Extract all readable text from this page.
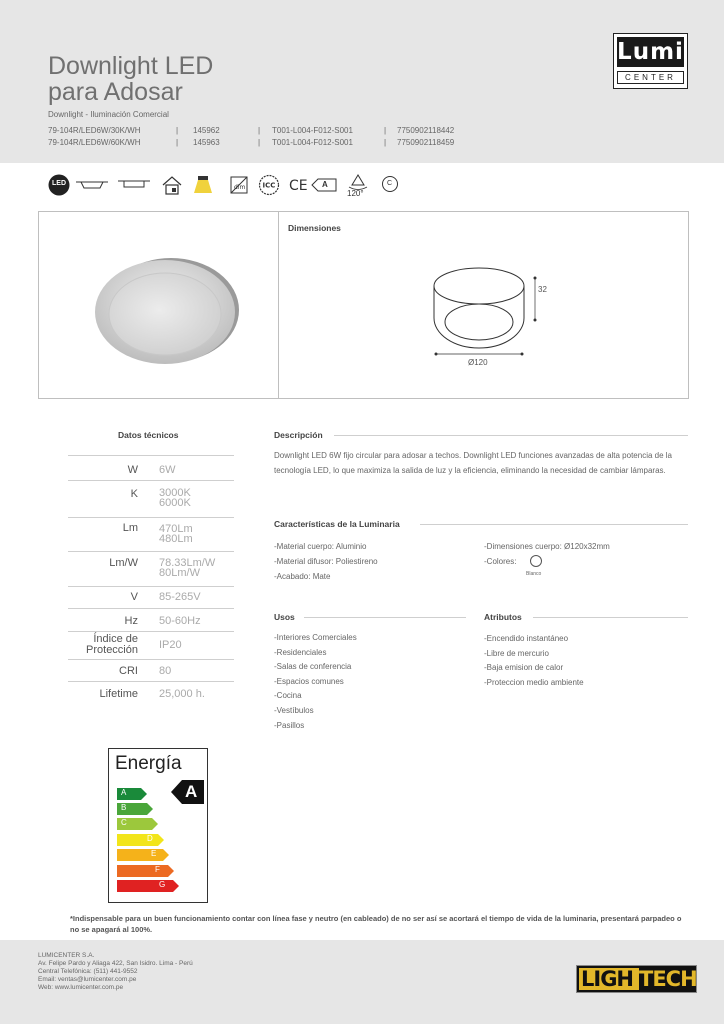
Downlight LED
para Adosar
Downlight - Iluminación Comercial
79-104R/LED6W/30K/WH	|	145962	|	T001-L004-F012-S001	|	7750902118442
79-104R/LED6W/60K/WH	|	145963	|	T001-L004-F012-S001	|	7750902118459
Lumi
CENTER
LED
dim ICC CE A
120°
C
Dimensiones
32
Ø120
Datos técnicos
W 6W
K 3000K
6000K
Lm 470Lm
480Lm
Lm/W 78.33Lm/W
80Lm/W
V 85-265V
Hz 50-60Hz
Índice de
Protección IP20
CRI 80
Lifetime 25,000 h.
Descripción
Downlight LED 6W fijo circular para adosar a techos. Downlight LED funciones avanzadas de alta potencia de la tecnología LED, lo que maximiza la salida de luz y la eficiencia, eliminando la necesidad de cambiar lámparas.
Características de la Luminaria
-Material cuerpo: Aluminio
-Material difusor: Poliestireno
-Acabado: Mate
-Dimensiones cuerpo: Ø120x32mm
-Colores:
Blanco
Usos
-Interiores Comerciales
-Residenciales
-Salas de conferencia
-Espacios comunes
-Cocina
-Vestíbulos
-Pasillos
Atributos
-Encendido instantáneo
-Libre de mercurio
-Baja emision de calor
-Proteccion medio ambiente
Energía
A
A
B
C
D
E
F
G
*Indispensable para un buen funcionamiento contar con línea fase y neutro (en cableado) de no ser así se acortará el tiempo de vida de la luminaria, presentará parpadeo o no se apagará al 100%.
LUMICENTER S.A.
Av. Felipe Pardo y Aliaga 422, San Isidro. Lima - Perú
Central Telefónica: (511) 441-9552
Email: ventas@lumicenter.com.pe
Web: www.lumicenter.com.pe	LIGH TECH
